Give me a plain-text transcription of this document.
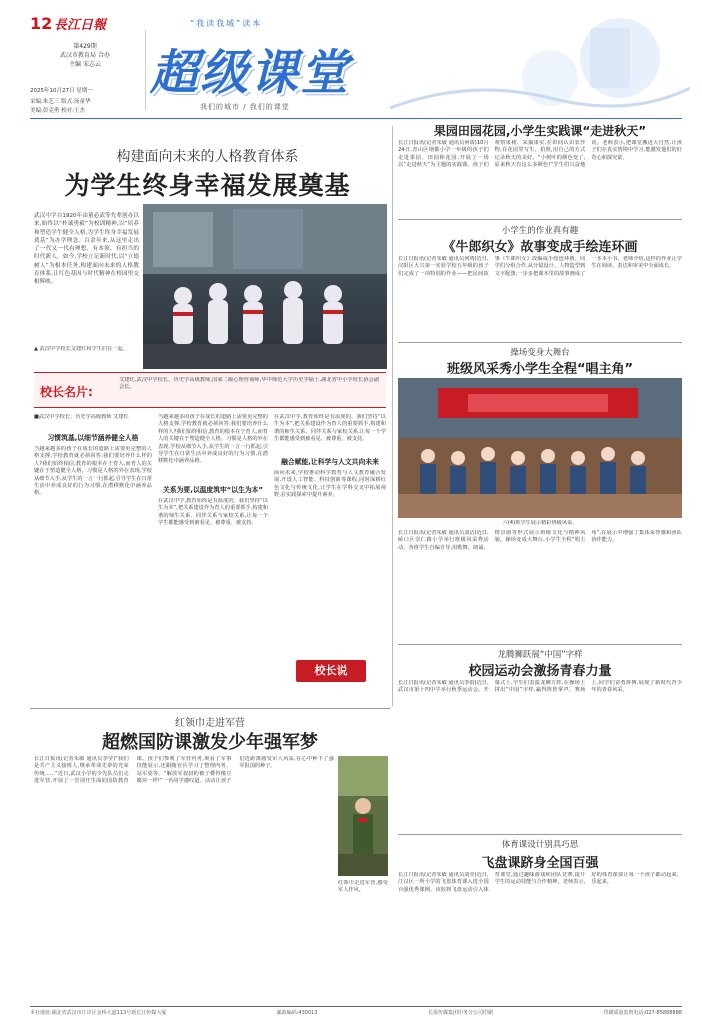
12 長江日報
第429期
武汉市教育局 合办
主编 宋志云
2025年10月27日 星期一
采编:朱艺三 版式:汤童华
美编:彭克勇 校对:王杰
“我读我城”读本
超级课堂
我们的城市 / 我们的课堂
构建面向未来的人格教育体系
为学生终身幸福发展奠基
武汉中学自1920年由董必武等先辈创办以来,始终以“朴诚勇毅”为校训精神,以“培养和塑造学生健全人格,为学生终身幸福发展奠基”为办学理念。百余年来,从这里走出了一代又一代有理想、有本领、有担当的时代新人。如今,学校立足新时代,以“立德树人”为根本任务,构建面向未来的人格教育体系,让红色基因与时代精神在校园里交相辉映。
▲ 武汉中学校长艾建红和学生们在一起。
校长名片:
艾建红,武汉中学校长、历史学高级教师,国家二级心理咨询师,华中师范大学历史学硕士,湖北省中小学校长协会副会长。
■武汉中学校长、历史学高级教师 艾建红
习惯筑基,以细节涵养健全人格
当越来越多的孩子在成长的道路上需要更完整的人格支撑,学校教育就必须回答:我们要培养什么样的人?我们始终相信,教育的根本在于育人,而育人的关键在于塑造健全人格。习惯是人格的外在表现,学校从细节入手,从学生的一言一行抓起,引导学生在日常生活中养成良好的行为习惯,在潜移默化中涵养品格。
当越来越多的孩子在成长的道路上需要更完整的人格支撑,学校教育就必须回答:我们要培养什么样的人?我们始终相信,教育的根本在于育人,而育人的关键在于塑造健全人格。习惯是人格的外在表现,学校从细节入手,从学生的一言一行抓起,引导学生在日常生活中养成良好的行为习惯,在潜移默化中涵养品格。
关系为要,以温度筑牢“以生为本”
在武汉中学,教育始终是有温度的。我们坚持“以生为本”,把关系建设作为育人的重要抓手,构建和谐的师生关系、同伴关系与家校关系,让每一个学生都能感受到被看见、被尊重、被支持。
在武汉中学,教育始终是有温度的。我们坚持“以生为本”,把关系建设作为育人的重要抓手,构建和谐的师生关系、同伴关系与家校关系,让每一个学生都能感受到被看见、被尊重、被支持。
融合赋能,让科学与人文共向未来
面向未来,学校推动科学教育与人文教育融合发展,开设人工智能、科技创新等课程,同时深耕红色文化与传统文化,让学生在学科交叉中拓展视野,在实践探索中提升素养。
校长说
果园田园花园,小学生实践课“走进秋天”
长江日报讯(记者朱敏 通讯员何蒨)10月24日,青山区钢都小学一年级的孩子们走进果园、田园和花园,开展了一场以“走进秋天”为主题的实践课。孩子们观察果树、采摘果实,在田间认识农作物,在花园里写生、拍照,用自己的方式记录秋天的美好。“小树叶的颜色变了,原来秋天有这么多颜色!”学生们兴奋地说。老师表示,把课堂搬进大自然,让孩子们在真实情境中学习,能激发他们的好奇心和探究欲。
小学生的作业真有趣
《牛郎织女》故事变成手绘连环画
长江日报讯(记者朱敏 通讯员何靖)近日,汉阳区大兴第一实验学校五年级的孩子们完成了一项特别的作业——把民间故事《牛郎织女》改编成手绘连环画。同学们分组合作,从分镜设计、人物造型到文字配图,一步步把课本里的故事画成了一本本小书。老师介绍,这样的作业让学生在阅读、表达和审美中全面成长。
操场变身大舞台
班级风采秀小学生全程“唱主角”
六(4)班学生展示精彩班级风采。
长江日报讯(记者朱敏 通讯员刘洁)近日,硚口区崇仁路小学举行班级风采秀活动。各班学生自编自导,用歌舞、朗诵、情景剧等形式展示班级文化与精神风貌。操场变成大舞台,小学生全程“唱主角”,在展示中增强了集体荣誉感和团队协作能力。
龙腾狮跃展“中国”字样
校园运动会激扬青春力量
长江日报讯(记者朱敏 通讯员李蔚)近日,武汉市第十四中学举行秋季运动会。开幕式上,学生们表演龙狮方阵,在操场上拼出“中国”字样,赢得阵阵掌声。赛场上,同学们奋勇拼搏,展现了新时代青少年的青春风采。
体育课设计别具巧思
飞盘课跻身全国百强
长江日报讯(记者朱敏 通讯员刘莹)近日,江汉区一所小学的飞盘体育课入选全国百强优秀课例。该校将飞盘运动引入体育课堂,通过趣味游戏和团队竞赛,提升学生的运动技能与合作精神。老师表示,好的体育课要让每一个孩子都动起来、乐起来。
红领巾走进军营
超燃国防课激发少年强军梦
长江日报讯(记者朱敏 通讯员李莹)“我们是共产主义接班人,继承革命先辈的光荣传统……”近日,武汉小学的少先队员们走进军营,开展了一堂别开生面的国防教育课。孩子们参观了军营内务,观看了军事技能展示,还跟随官兵学习了整理内务、站军姿等。“解放军叔叔的被子叠得像豆腐块一样!”一名同学感叹道。活动让孩子们近距离感受军人风采,在心中种下了强军报国的种子。
红领巾走进军营,感受军人作风。
本社地址:湖北省武汉市江岸区金桥大道113号新长江传媒大厦	邮政编码:430013	长报传媒集团印务分公司印刷	印刷质量监督电话:027-85888888
